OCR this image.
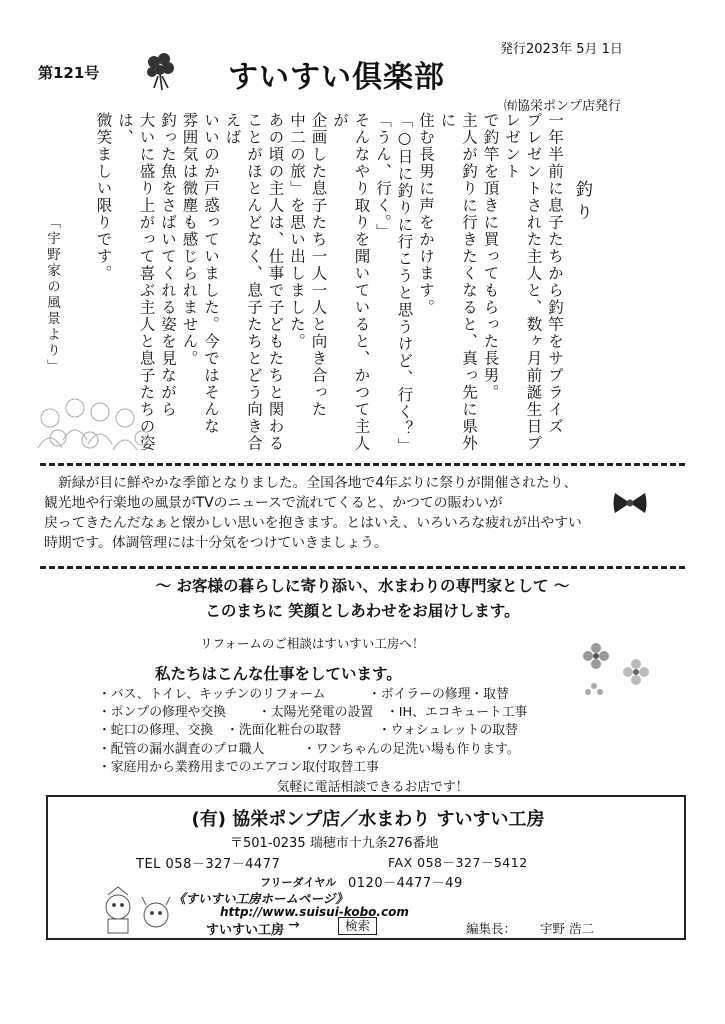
第121号	すいすい倶楽部
発行2023年 5月 1日
㈲協栄ポンプ店発行
釣り
一年半前に息子たちから釣竿をサプライズ
プレゼントされた主人と、数ヶ月前誕生日プレゼント
で釣竿を頂きに買ってもらった長男。
主人が釣りに行きたくなると、真っ先に県外に
住む長男に声をかけます。
「○日に釣りに行こうと思うけど、行く？」
「うん、行く。」
そんなやり取りを聞いていると、かつて主人が
企画した息子たち一人一人と向き合った
中二の旅」を思い出しました。
あの頃の主人は、仕事で子どもたちと関わる
ことがほとんどなく、息子たちとどう向き合えば
いいのか戸惑っていました。今ではそんな
雰囲気は微塵も感じられません。
釣った魚をさばいてくれる姿を見ながら
大いに盛り上がって喜ぶ主人と息子たちの姿は、
微笑ましい限りです。
「宇野家の風景より」
新緑が目に鮮やかな季節となりました。全国各地で4年ぶりに祭りが開催されたり、
観光地や行楽地の風景がTVのニュースで流れてくると、かつての賑わいが
戻ってきたんだなぁと懐かしい思いを抱きます。とはいえ、いろいろな疲れが出やすい
時期です。体調管理には十分気をつけていきましょう。
～ お客様の暮らしに寄り添い、水まわりの専門家として ～
このまちに 笑顔としあわせをお届けします。
リフォームのご相談はすいすい工房へ！
私たちはこんな仕事をしています。
・バス、トイレ、キッチンのリフォーム	・ボイラーの修理・取替
・ポンプの修理や交換	・太陽光発電の設置　・IH、エコキュート工事
・蛇口の修理、交換　・洗面化粧台の取替	・ウォシュレットの取替
・配管の漏水調査のプロ職人	・ワンちゃんの足洗い場も作ります。
・家庭用から業務用までのエアコン取付取替工事
気軽に電話相談できるお店です！
(有) 協栄ポンプ店／水まわり すいすい工房
〒501-0235 瑞穂市十九条276番地
TEL 058－327－4477	FAX 058－327－5412
フリーダイヤル 0120－4477－49
《すいすい工房ホームページ》
http://www.suisui-kobo.com
すいすい工房 →	検索	編集長： 宇野 浩二
